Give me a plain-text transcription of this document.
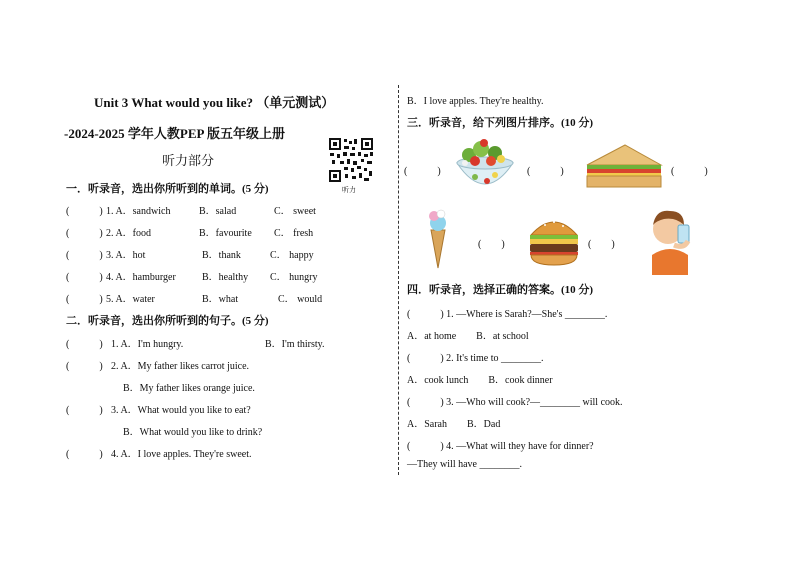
Unit 3 What would you like? （单元测试）
-2024-2025 学年人教PEP 版五年级上册
听力部分
听力
一．听录音，选出你所听到的单词。(5 分)
(　　　) 1. A．sandwich	B．salad	C． sweet
(　　　) 2. A．food	B．favourite C． fresh
(　　　) 3. A．hot	B．thank	C． happy
(　　　) 4. A．hamburger	B．healthy C． hungry
(　　　) 5. A．water	B．what	C． would
二．听录音，选出你所听到的句子。(5 分)
(　　　) 1. A．I'm hungry.	B．I'm thirsty.
(　　　) 2. A．My father likes carrot juice.
B．My father likes orange juice.
(　　　) 3. A．What would you like to eat?
B．What would you like to drink?
(　　　) 4. A．I love apples. They're sweet.
B．I love apples. They're healthy.
三．听录音，给下列图片排序。(10 分)
(　　　)	(　　　)	(　　　)
(　　)	(　　)
四．听录音，选择正确的答案。(10 分)
(　　　) 1. —Where is Sarah?—She's ________.
A．at home　　B．at school
(　　　) 2. It's time to ________.
A．cook lunch　　B．cook dinner
(　　　) 3. —Who will cook?—________ will cook.
A．Sarah　　B．Dad
(　　　) 4. —What will they have for dinner?
—They will have ________.
